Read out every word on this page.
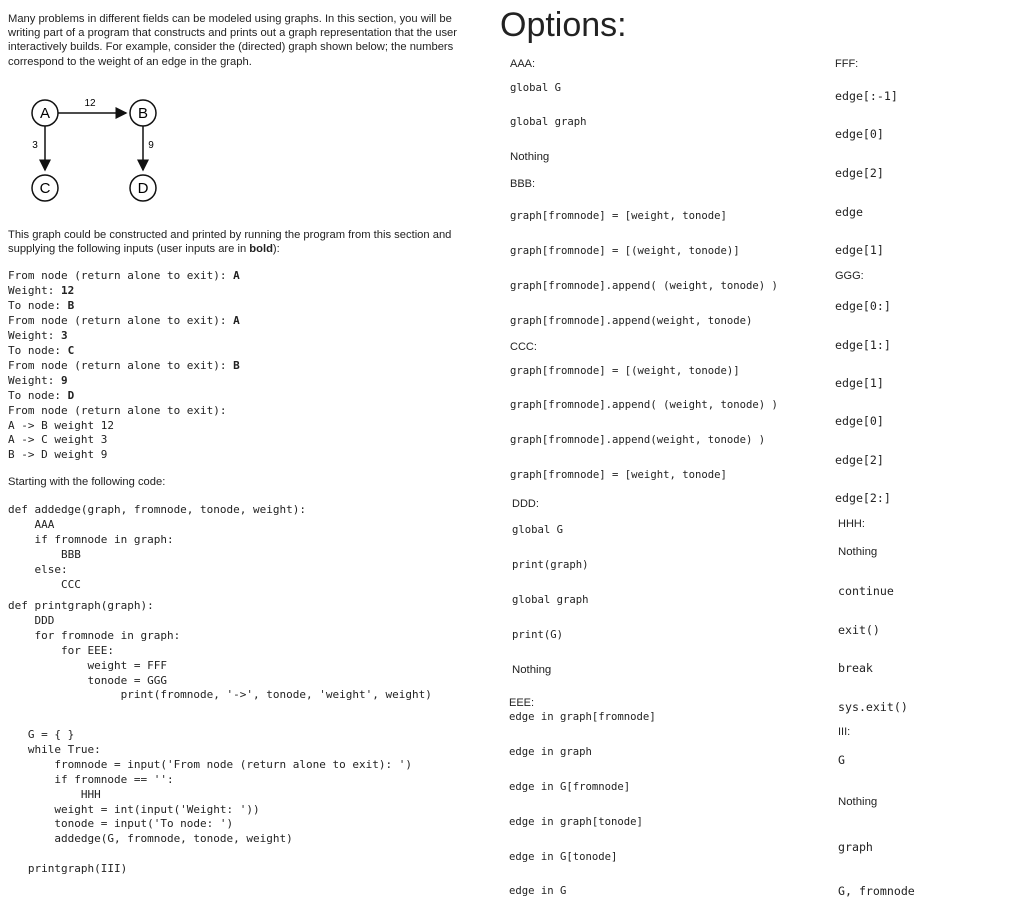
Many problems in different fields can be modeled using graphs. In this section, you will be writing part of a program that constructs and prints out a graph representation that the user interactively builds. For example, consider the (directed) graph shown below; the numbers correspond to the weight of an edge in the graph.
A	B
C	D
12
3	9
This graph could be constructed and printed by running the program from this section and supplying the following inputs (user inputs are in bold):
From node (return alone to exit): A
Weight: 12
To node: B
From node (return alone to exit): A
Weight: 3
To node: C
From node (return alone to exit): B
Weight: 9
To node: D
From node (return alone to exit):
A -> B weight 12
A -> C weight 3
B -> D weight 9
Starting with the following code:
def addedge(graph, fromnode, tonode, weight):
AAA
if fromnode in graph:
BBB
else:
CCC
def printgraph(graph):
DDD
for fromnode in graph:
for EEE:
weight = FFF
tonode = GGG
print(fromnode, '->', tonode, 'weight', weight)
G = { }
while True:
fromnode = input('From node (return alone to exit): ')
if fromnode == '':
HHH
weight = int(input('Weight: '))
tonode = input('To node: ')
addedge(G, fromnode, tonode, weight)

printgraph(III)
Options:
AAA:
global G
global graph
Nothing
BBB:
graph[fromnode] = [weight, tonode]
graph[fromnode] = [(weight, tonode)]
graph[fromnode].append( (weight, tonode) )
graph[fromnode].append(weight, tonode)
CCC:
graph[fromnode] = [(weight, tonode)]
graph[fromnode].append( (weight, tonode) )
graph[fromnode].append(weight, tonode) )
graph[fromnode] = [weight, tonode]
DDD:
global G
print(graph)
global graph
print(G)
Nothing
EEE:
edge in graph[fromnode]
edge in graph
edge in G[fromnode]
edge in graph[tonode]
edge in G[tonode]
edge in G
FFF:
edge[:-1]
edge[0]
edge[2]
edge
edge[1]
GGG:
edge[0:]
edge[1:]
edge[1]
edge[0]
edge[2]
edge[2:]
HHH:
Nothing
continue
exit()
break
sys.exit()
III:
G
Nothing
graph
G, fromnode
